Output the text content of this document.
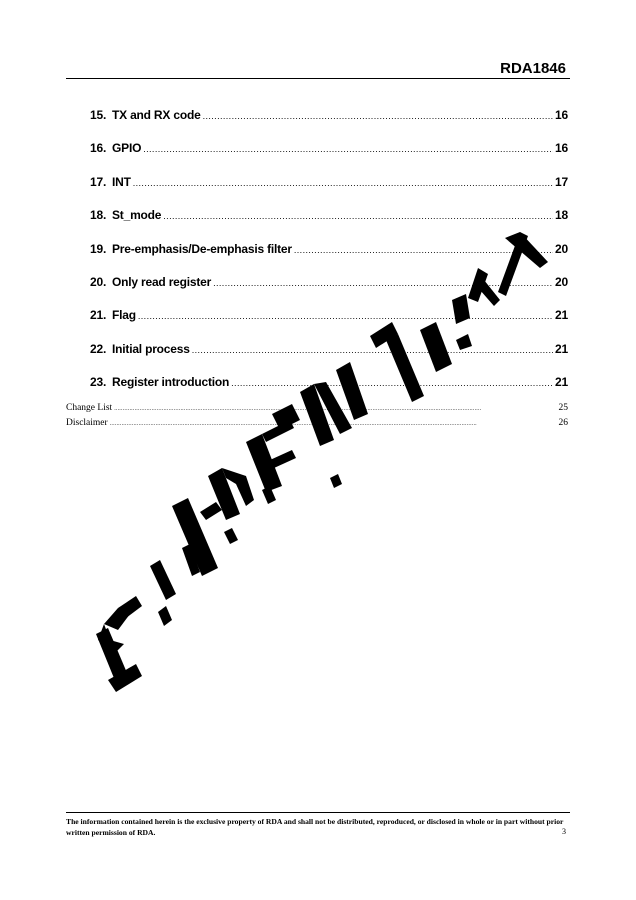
RDA1846
15. TX and RX code .....	16
16. GPIO .....	16
17. INT .....	17
18. St_mode .....	18
19. Pre-emphasis/De-emphasis filter .....	20
20. Only read register .....	20
21. Flag .....	21
22. Initial process .....	21
23. Register introduction .....	21
Change List .....	25
Disclaimer .....	26
The information contained herein is the exclusive property of RDA and shall not be distributed, reproduced, or disclosed in whole or in part without prior written permission of RDA.	3
